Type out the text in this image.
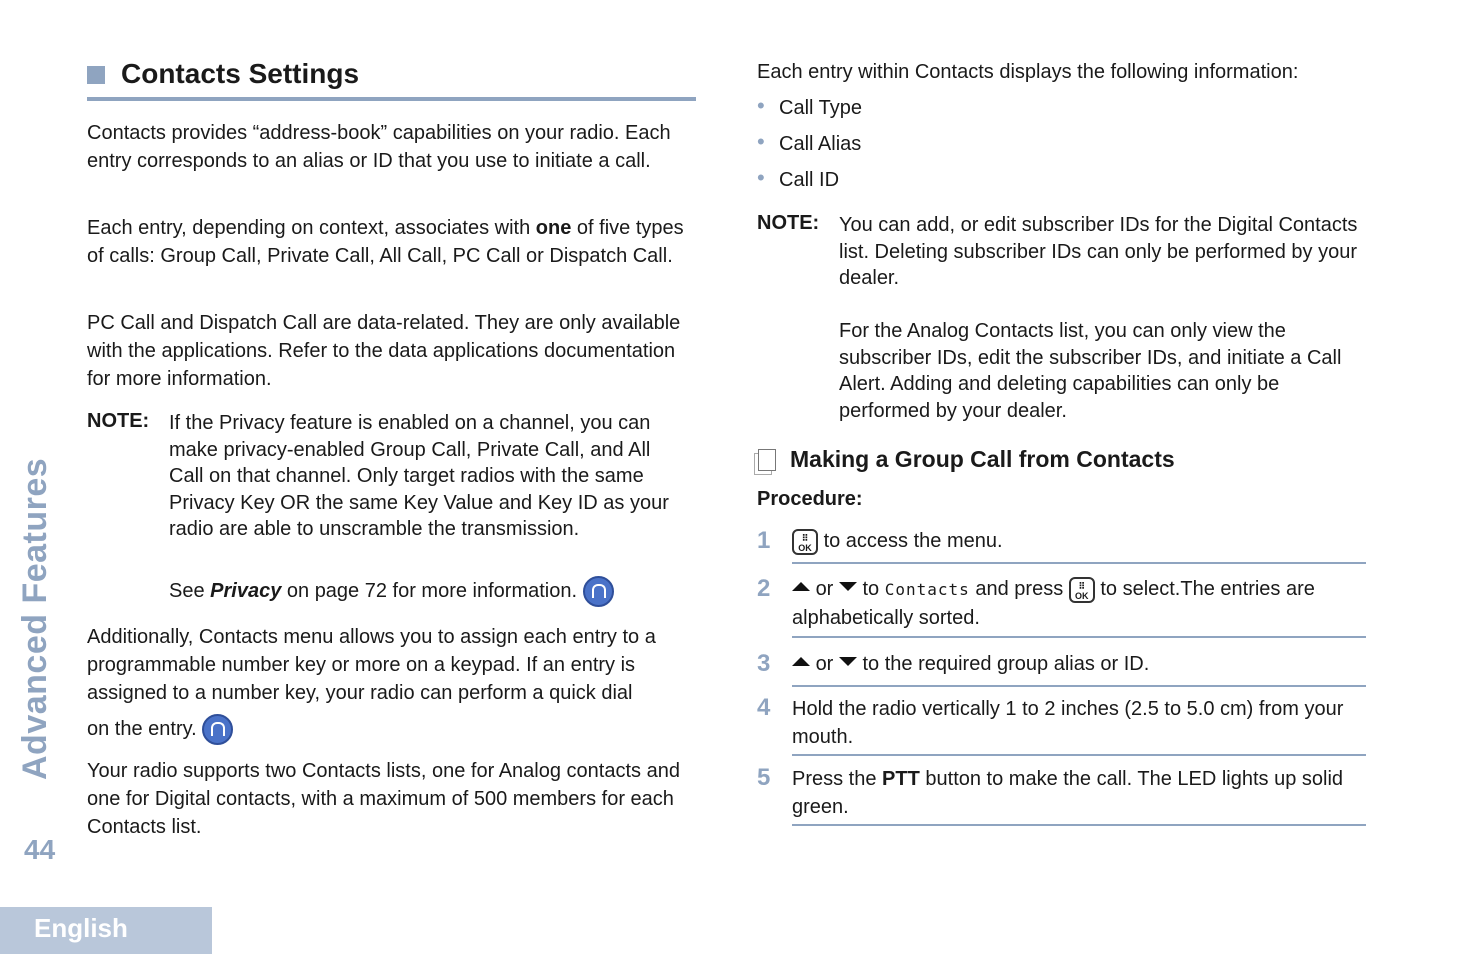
Advanced Features
44
English
Contacts Settings

Contacts provides “address-book” capabilities on your radio. Each entry corresponds to an alias or ID that you use to initiate a call.

Each entry, depending on context, associates with one of five types of calls: Group Call, Private Call, All Call, PC Call or Dispatch Call.

PC Call and Dispatch Call are data-related. They are only available with the applications. Refer to the data applications documentation for more information.

NOTE: If the Privacy feature is enabled on a channel, you can make privacy-enabled Group Call, Private Call, and All Call on that channel. Only target radios with the same Privacy Key OR the same Key Value and Key ID as your radio are able to unscramble the transmission.
See Privacy on page 72 for more information.

Additionally, Contacts menu allows you to assign each entry to a programmable number key or more on a keypad. If an entry is assigned to a number key, your radio can perform a quick dial

on the entry.

Your radio supports two Contacts lists, one for Analog contacts and one for Digital contacts, with a maximum of 500 members for each Contacts list.

Each entry within Contacts displays the following information:

• Call Type
• Call Alias
• Call ID
NOTE: You can add, or edit subscriber IDs for the Digital Contacts list. Deleting subscriber IDs can only be performed by your dealer.
For the Analog Contacts list, you can only view the subscriber IDs, edit the subscriber IDs, and initiate a Call Alert. Adding and deleting capabilities can only be performed by your dealer.
Making a Group Call from Contacts
Procedure:
1	⠿
OK to access the menu.
2	or to Contacts and press ⠿
OK to select.The entries are alphabetically sorted.
3	or to the required group alias or ID.
4 Hold the radio vertically 1 to 2 inches (2.5 to 5.0 cm) from your mouth.
5 Press the PTT button to make the call. The LED lights up solid green.
